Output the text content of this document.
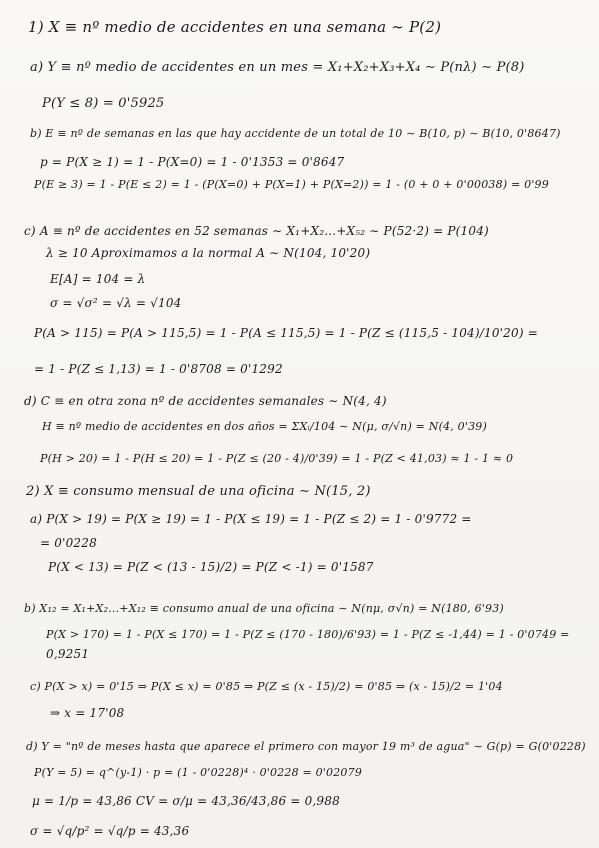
1) X ≡ nº medio de accidentes en una semana ∼ P(2)
a) Y ≡ nº medio de accidentes en un mes = X₁+X₂+X₃+X₄ ∼ P(nλ) ∼ P(8)
P(Y ≤ 8) = 0'5925
b) E ≡ nº de semanas en las que hay accidente de un total de 10 ∼ B(10, p) ∼ B(10, 0'8647)
p = P(X ≥ 1) = 1 - P(X=0) = 1 - 0'1353 = 0'8647
P(E ≥ 3) = 1 - P(E ≤ 2) = 1 - (P(X=0) + P(X=1) + P(X=2)) = 1 - (0 + 0 + 0'00038) = 0'99
c) A ≡ nº de accidentes en 52 semanas ∼ X₁+X₂...+X₅₂ ∼ P(52·2) = P(104)
λ ≥ 10 Aproximamos a la normal A ∼ N(104, 10'20)
E[A] = 104 = λ
σ = √σ² = √λ = √104
P(A > 115) = P(A > 115,5) = 1 - P(A ≤ 115,5) = 1 - P(Z ≤ (115,5 - 104)/10'20) =
= 1 - P(Z ≤ 1,13) = 1 - 0'8708 = 0'1292
d) C ≡ en otra zona nº de accidentes semanales ∼ N(4, 4)
H ≡ nº medio de accidentes en dos años = ΣXᵢ/104 ∼ N(μ, σ/√n) = N(4, 0'39)
P(H > 20) = 1 - P(H ≤ 20) = 1 - P(Z ≤ (20 - 4)/0'39) = 1 - P(Z < 41,03) ≈ 1 - 1 ≈ 0
2) X ≡ consumo mensual de una oficina ∼ N(15, 2)
a) P(X > 19) = P(X ≥ 19) = 1 - P(X ≤ 19) = 1 - P(Z ≤ 2) = 1 - 0'9772 =
= 0'0228
P(X < 13) = P(Z < (13 - 15)/2) = P(Z < -1) = 0'1587
b) X₁₂ = X₁+X₂...+X₁₂ ≡ consumo anual de una oficina ∼ N(nμ, σ√n) = N(180, 6'93)
P(X > 170) = 1 - P(X ≤ 170) = 1 - P(Z ≤ (170 - 180)/6'93) = 1 - P(Z ≤ -1,44) = 1 - 0'0749 =
0,9251
c) P(X > x) = 0'15 ⇒ P(X ≤ x) = 0'85 ⇒ P(Z ≤ (x - 15)/2) = 0'85 ⇒ (x - 15)/2 = 1'04
⇒ x = 17'08
d) Y = "nº de meses hasta que aparece el primero con mayor 19 m³ de agua" ∼ G(p) = G(0'0228)
P(Y = 5) = q^(y-1) · p = (1 - 0'0228)⁴ · 0'0228 = 0'02079
μ = 1/p = 43,86 CV = σ/μ = 43,36/43,86 = 0,988
σ = √q/p² = √q/p = 43,36
